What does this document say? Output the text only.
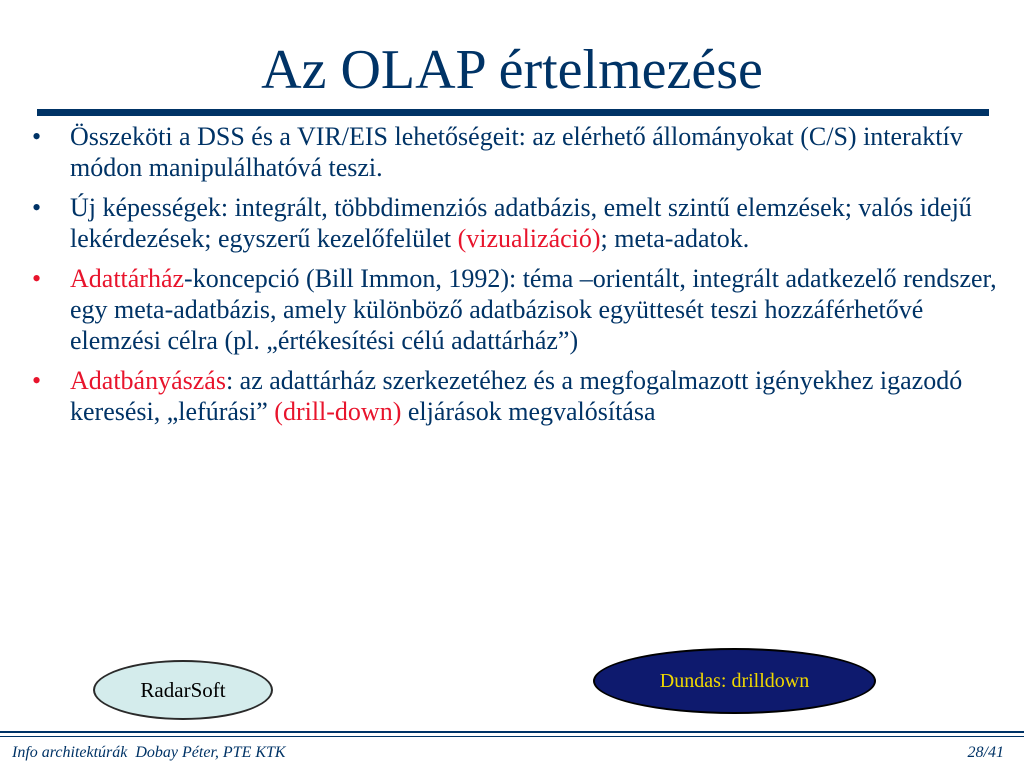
Az OLAP értelmezése
•	Összeköti a DSS és a VIR/EIS lehetőségeit: az elérhető állományokat (C/S) interaktív módon manipulálhatóvá teszi.
•	Új képességek: integrált, többdimenziós adatbázis, emelt szintű elemzések; valós idejű lekérdezések; egyszerű kezelőfelület (vizualizáció); meta-adatok.
•	Adattárház-koncepció (Bill Immon, 1992): téma –orientált, integrált adatkezelő rendszer, egy meta-adatbázis, amely különböző adatbázisok együttesét teszi hozzáférhetővé elemzési célra (pl. „értékesítési célú adattárház”)
•	Adatbányászás: az adattárház szerkezetéhez és a megfogalmazott igényekhez igazodó keresési, „lefúrási” (drill-down) eljárások megvalósítása
RadarSoft	Dundas: drilldown
Info architektúrák  Dobay Péter, PTE KTK	28/41
